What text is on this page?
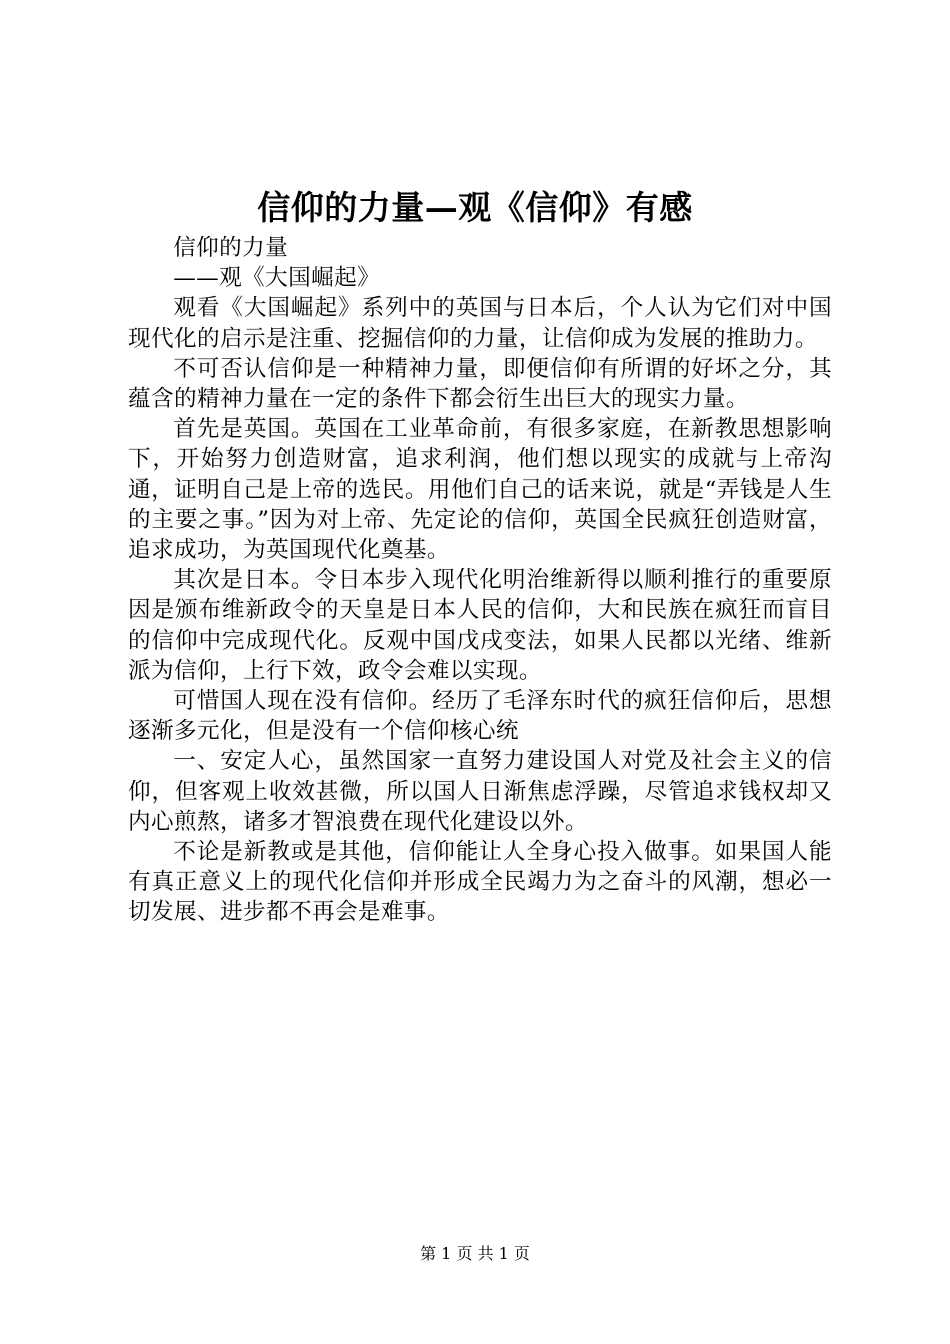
信仰的力量—观《信仰》有感

信仰的力量

——观《大国崛起》

观看《大国崛起》系列中的英国与日本后，个人认为它们对中国现代化的启示是注重、挖掘信仰的力量，让信仰成为发展的推助力。

不可否认信仰是一种精神力量，即便信仰有所谓的好坏之分，其蕴含的精神力量在一定的条件下都会衍生出巨大的现实力量。

首先是英国。英国在工业革命前，有很多家庭，在新教思想影响下，开始努力创造财富，追求利润，他们想以现实的成就与上帝沟通，证明自己是上帝的选民。用他们自己的话来说，就是“弄钱是人生的主要之事。”因为对上帝、先定论的信仰，英国全民疯狂创造财富，追求成功，为英国现代化奠基。

其次是日本。令日本步入现代化明治维新得以顺利推行的重要原因是颁布维新政令的天皇是日本人民的信仰，大和民族在疯狂而盲目的信仰中完成现代化。反观中国戊戌变法，如果人民都以光绪、维新派为信仰，上行下效，政令会难以实现。

可惜国人现在没有信仰。经历了毛泽东时代的疯狂信仰后，思想逐渐多元化，但是没有一个信仰核心统

一、安定人心，虽然国家一直努力建设国人对党及社会主义的信仰，但客观上收效甚微，所以国人日渐焦虑浮躁，尽管追求钱权却又内心煎熬，诸多才智浪费在现代化建设以外。

不论是新教或是其他，信仰能让人全身心投入做事。如果国人能有真正意义上的现代化信仰并形成全民竭力为之奋斗的风潮，想必一切发展、进步都不再会是难事。

第 1 页 共 1 页
